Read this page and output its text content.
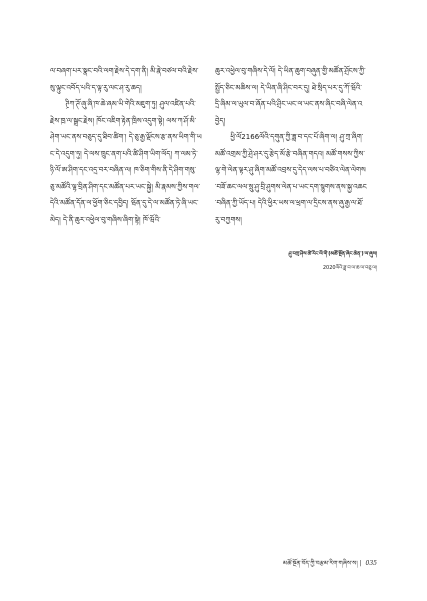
ལ་བཞག་པར་སྣང་བའི་ལག་རྗེས་དེ་དག་ནི། མི་རྣེ་བཙལ་བའི་རྗེས་སུ་ལྟུང་འབོད་པའི་ད་ལྟ་རུ་ལང་ཤ་རུ་ཆད།

ཊྲིཀ་ཊོ་ཞུ་ཞི་ཁ་ཆེ་ཞམ་ཡི་གེའི་མཇུག་ཏུ། ཤུལ་འཛིན་པའི་རྗེས་ཁྲ་ལ་སྒྲང་རྗེས། ཁོང་འཇིག་རྟེན་ཁྲིས་འདུག་སྟེ། ལས་ཀ་ཤོ་མི་ཤེག་ཡང་ནས་བཅུད་དུ་ཐིབ་ཚིག་། དེ་ཅུ་རྒྱ་ལྡོངས་རྩ་ནས་ཡིག་གི་ཡང་དེ་འདུག་ཏུ། དེ་ལས་ཁྲུང་ནག་པའི་ཚི་ཤིག་ཡིག་ལོད། ཀ་ལམ་ཏེ་ཉི་ལོ་ཨ་ཤིག་དང་འདྲ་བར་བཞིན་ལ། ཁ་ཅིག་གིས་ནི་དེ་ཤིག་གསུ་ཅུ་མཚོའི་ལྷ་བྲིན་ཤིག་དང་མཚོན་པར་ཡང་སྐྱེ། མི་རྣམས་ཀྱིས་གལ་དེའི་མཚོན་དོན་ལ་ཕྱོག་ཅིང་དབྱིད། ཝོན་དུ་དེ་ལ་མཚོན་ཏེ་ཞི་ཡང་མེད། དེ་ནི་ཆུར་འཕྱེལ་བུ་གཞིས་ཞིག་སྟེ། ཁོ་ཝོའི་

ཆུར་འཕྱེལ་བུ་གཞིས་དེ་ལོ། དེ་ཡིན་ཆུག་བཞུན་གྱི་མཚོན་ཤྲོངས་ཀྱི་སྤྱོད་ཅིང་མཆིས་ལ། དེ་ཡིན་ཞི་ཤིང་བར་དུ། ཐེ་སྲིད་པར་དུ་ཀོ་ཝོའི་དྲི་ཞིམ་ལ་ཡུལ་བ་ཞོན་པའི་ཤྲིང་ཡང་ལ་ཡང་ནས་ཞིང་བཞི་ལེན་འབྱེད།

ཕྱི་ལོ2166ལོའི་དགུན་ཀྱི་ཟླ་བ་དང་པོ་ཞིག་ལ། ཤུ་ཀྲ་ཞིག་མཚོ་འགྲམ་ཀྱི་ཤྲེ་ཤར་དུ་རྩེད་མོ་རྩེ་བཞིན་གདའ། མཚོ་གསས་ཀྱིས་ལྷ་གེ་ལེན་ལྟར་ཤུ་ཞིག་མཚོ་འབྲས་དུ་དེད་ལས་པ་བཙིའ་ལེན་ལེགས་བཟོ་ཆང་ལལ་སྲུ་ཤུ་བྲི་ཤུགས་ལེན་པ་ཡང་དག་སྙུགས་ནས་སྐྱ་འཆང་བཞིན་ཀྱི་ཡོད་པ། དེའི་ཕྱིར་ཡས་ལ་ཕྲག་ལ་དྲིངས་ནས་ཞུ་རྒྱ་ལ་ཐོ་རུ་བཀྱགས།

ཤུ་བཀྲ་ཤིས་ཚེ་རིང་ལོ་གི་(མཚོ་སྔོན་ཞིང་ཆེན་)་ལ་ཞུས།
2020ལོའི་ཟླ་བ་ལ་ཆ་ལ་བཅུ་ལ།
མཚོ་སྔོན་བོད་ཀྱི་བརྩམ་རིག་གཞིས་ས། | 035
